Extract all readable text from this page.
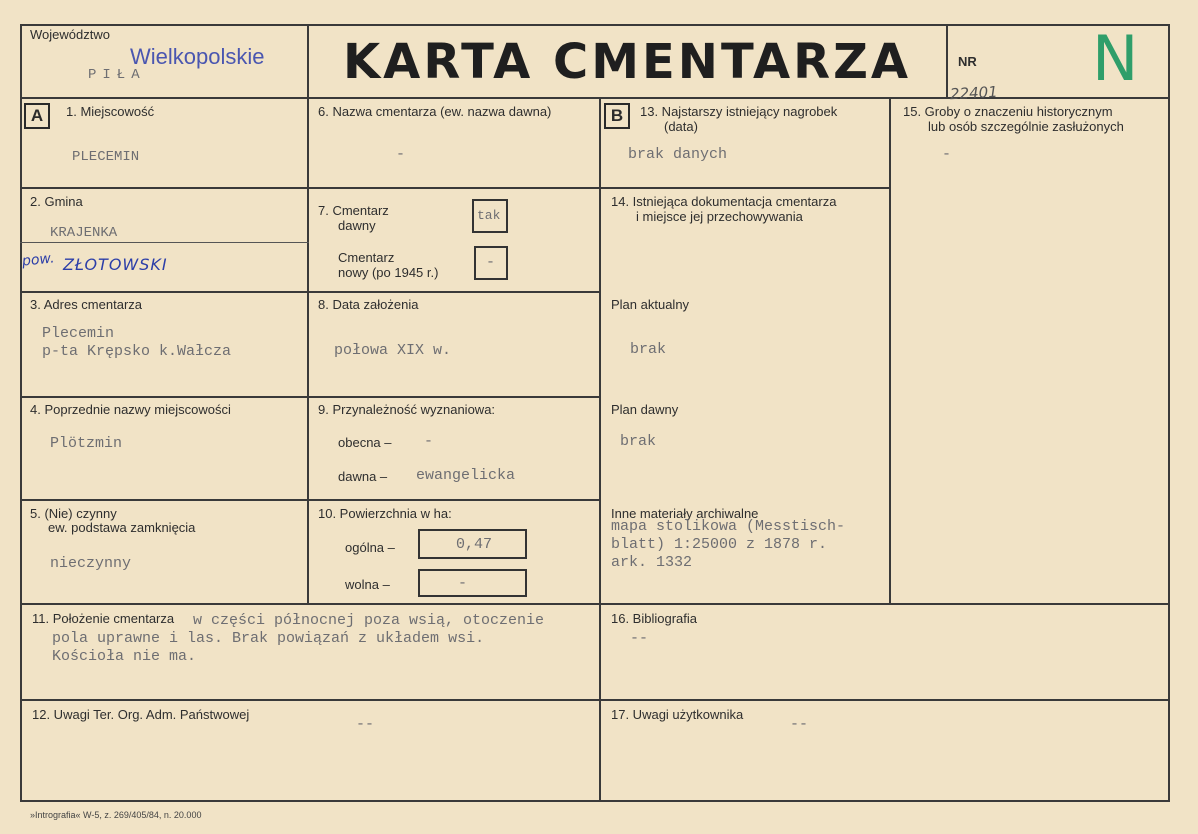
Województwo
Wielkopolskie
PIŁA	KARTA CMENTARZA	NR N
22401
A	1. Miejscowość
PLECEMIN
2. Gmina
KRAJENKA
pow. ZŁOTOWSKI
3. Adres cmentarza
Plecemin
p-ta Krępsko k.Wałcza
4. Poprzednie nazwy miejscowości
Plötzmin
5. (Nie) czynny
ew. podstawa zamknięcia
nieczynny
6. Nazwa cmentarza (ew. nazwa dawna)
-
7. Cmentarz
dawny
tak
Cmentarz
nowy (po 1945 r.)
-
8. Data założenia
połowa XIX w.
9. Przynależność wyznaniowa:
obecna – -
dawna – ewangelicka
10. Powierzchnia w ha:
ogólna –	0,47
wolna –	-
B	13. Najstarszy istniejący nagrobek
(data)
brak danych
14. Istniejąca dokumentacja cmentarza
i miejsce jej przechowywania
Plan aktualny
brak
Plan dawny
brak
Inne materiały archiwalne
mapa stolikowa (Messtisch-
blatt) 1:25000 z 1878 r.
ark. 1332
15. Groby o znaczeniu historycznym
lub osób szczególnie zasłużonych
-
11. Położenie cmentarza w części północnej poza wsią, otoczenie
pola uprawne i las. Brak powiązań z układem wsi.
Kościoła nie ma.
16. Bibliografia
--
12. Uwagi Ter. Org. Adm. Państwowej
--
17. Uwagi użytkownika
--
»Intrografia« W-5, z. 269/405/84, n. 20.000
